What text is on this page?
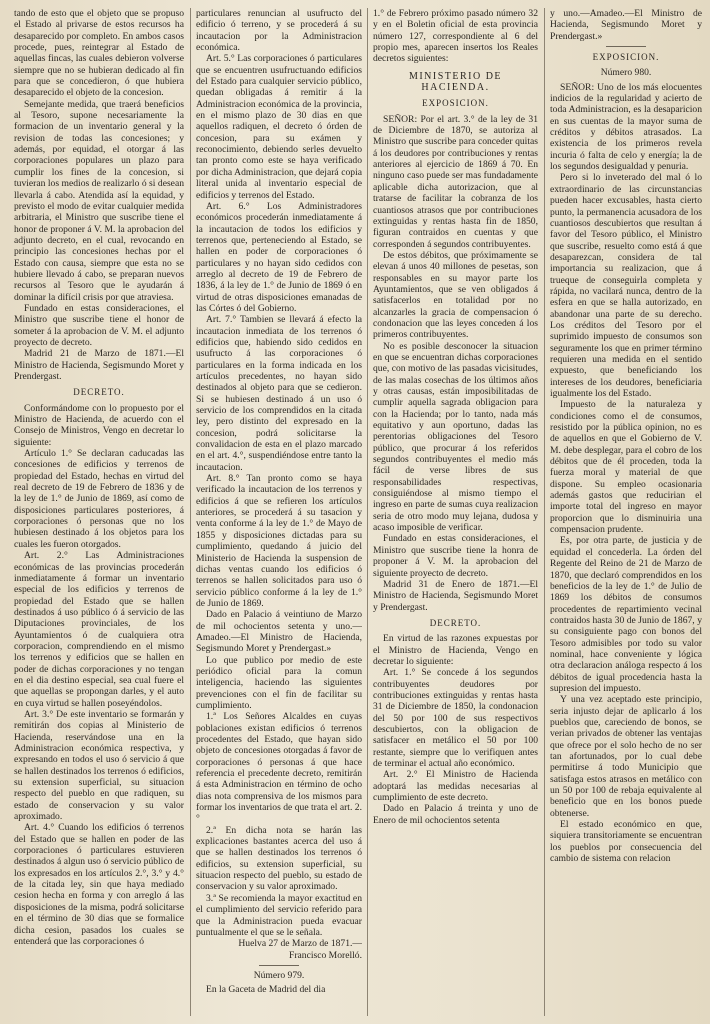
tando de esto que el objeto que se propuso el Estado al privarse de estos recursos ha desaparecido por completo. En ambos casos procede, pues, reintegrar al Estado de aquellas fincas, las cuales debieron volverse siempre que no se hubieran dedicado al fin para que se concedieron, ó que hubiera desaparecido el objeto de la concesion.

Semejante medida, que traerá beneficios al Tesoro, supone necesariamente la formacion de un inventario general y la revision de todas las concesiones; y además, por equidad, el otorgar á las corporaciones populares un plazo para cumplir los fines de la concesion, si tuvieran los medios de realizarlo ó si desean llevarla á cabo. Atendida así la equidad, y previsto el modo de evitar cualquier medida arbitraria, el Ministro que suscribe tiene el honor de proponer á V. M. la aprobacion del adjunto decreto, en el cual, revocando en principio las concesiones hechas por el Estado con causa, siempre que esta no se hubiere llevado á cabo, se preparan nuevos recursos al Tesoro que le ayudarán á dominar la difícil crisis por que atraviesa.

Fundado en estas consideraciones, el Ministro que suscribe tiene el honor de someter á la aprobacion de V. M. el adjunto proyecto de decreto.

Madrid 21 de Marzo de 1871.—El Ministro de Hacienda, Segismundo Moret y Prendergast.

DECRETO.

Conformándome con lo propuesto por el Ministro de Hacienda, de acuerdo con el Consejo de Ministros, Vengo en decretar lo siguiente:

Artículo 1.° Se declaran caducadas las concesiones de edificios y terrenos de propiedad del Estado, hechas en virtud del real decreto de 19 de Febrero de 1836 y de la ley de 1.° de Junio de 1869, así como de disposiciones particulares posteriores, á corporaciones ó personas que no los hubiesen destinado á los objetos para los cuales les fueron otorgados.

Art. 2.° Las Administraciones económicas de las provincias procederán inmediatamente á formar un inventario especial de los edificios y terrenos de propiedad del Estado que se hallen destinados á uso público ó á servicio de las Diputaciones provinciales, de los Ayuntamientos ó de cualquiera otra corporacion, comprendiendo en el mismo los terrenos y edificios que se hallen en poder de dichas corporaciones y no tengan en el dia destino especial, sea cual fuere el que aquellas se propongan darles, y el auto en cuya virtud se hallen poseyéndolos.

Art. 3.° De este inventario se formarán y remitirán dos copias al Ministerio de Hacienda, reservándose una en la Administracion económica respectiva, y expresando en todos el uso ó servicio á que se hallen destinados los terrenos ó edificios, su extension superficial, su situacion respecto del pueblo en que radiquen, su estado de conservacion y su valor aproximado.

Art. 4.° Cuando los edificios ó terrenos del Estado que se hallen en poder de las corporaciones ó particulares estuvieren destinados á algun uso ó servicio público de los expresados en los artículos 2.°, 3.° y 4.° de la citada ley, sin que haya mediado cesion hecha en forma y con arreglo á las disposiciones de la misma, podrá solicitarse en el término de 30 dias que se formalice dicha cesion, pasados los cuales se entenderá que las corporaciones ó

particulares renuncian al usufructo del edificio ó terreno, y se procederá á su incautacion por la Administracion económica.

Art. 5.° Las corporaciones ó particulares que se encuentren usufructuando edificios del Estado para cualquier servicio público, quedan obligadas á remitir á la Administracion económica de la provincia, en el mismo plazo de 30 dias en que aquellos radiquen, el decreto ó órden de concesion, para su exámen y reconocimiento, debiendo serles devuelto tan pronto como este se haya verificado por dicha Administracion, que dejará copia literal unida al inventario especial de edificios y terrenos del Estado.

Art. 6.° Los Administradores económicos procederán inmediatamente á la incautacion de todos los edificios y terrenos que, perteneciendo al Estado, se hallen en poder de corporaciones ó particulares y no hayan sido cedidos con arreglo al decreto de 19 de Febrero de 1836, á la ley de 1.° de Junio de 1869 ó en virtud de otras disposiciones emanadas de las Córtes ó del Gobierno.

Art. 7.° Tambien se llevará á efecto la incautacion inmediata de los terrenos ó edificios que, habiendo sido cedidos en usufructo á las corporaciones ó particulares en la forma indicada en los artículos precedentes, no hayan sido destinados al objeto para que se cedieron. Si se hubiesen destinado á un uso ó servicio de los comprendidos en la citada ley, pero distinto del expresado en la concesion, podrá solicitarse la convalidacion de esta en el plazo marcado en el art. 4.°, suspendiéndose entre tanto la incautacion.

Art. 8.° Tan pronto como se haya verificado la incautacion de los terrenos y edificios á que se refieren los artículos anteriores, se procederá á su tasacion y venta conforme á la ley de 1.° de Mayo de 1855 y disposiciones dictadas para su cumplimiento, quedando á juicio del Ministerio de Hacienda la suspension de dichas ventas cuando los edificios ó terrenos se hallen solicitados para uso ó servicio público conforme á la ley de 1.° de Junio de 1869.

Dado en Palacio á veintiuno de Marzo de mil ochocientos setenta y uno.—Amadeo.—El Ministro de Hacienda, Segismundo Moret y Prendergast.»

Lo que publico por medio de este periódico oficial para la comun inteligencia, haciendo las siguientes prevenciones con el fin de facilitar su cumplimiento.

1.ª Los Señores Alcaldes en cuyas poblaciones existan edificios ó terrenos procedentes del Estado, que hayan sido objeto de concesiones otorgadas á favor de corporaciones ó personas á que hace referencia el precedente decreto, remitirán á esta Administracion en término de ocho dias nota comprensiva de los mismos para formar los inventarios de que trata el art. 2.°

2.ª En dicha nota se harán las explicaciones bastantes acerca del uso á que se hallen destinados los terrenos ó edificios, su extension superficial, su situacion respecto del pueblo, su estado de conservacion y su valor aproximado.

3.ª Se recomienda la mayor exactitud en el cumplimiento del servicio referido para que la Administracion pueda evacuar puntualmente el que se le señala.

Huelva 27 de Marzo de 1871.—Francisco Morelló.

Número 979.

En la Gaceta de Madrid del dia

1.° de Febrero próximo pasado número 32 y en el Boletin oficial de esta provincia número 127, correspondiente al 6 del propio mes, aparecen insertos los Reales decretos siguientes:

MINISTERIO DE HACIENDA.

EXPOSICION.

SEÑOR: Por el art. 3.° de la ley de 31 de Diciembre de 1870, se autoriza al Ministro que suscribe para conceder quitas á los deudores por contribuciones y rentas anteriores al ejercicio de 1869 á 70. En ninguno caso puede ser mas fundadamente aplicable dicha autorizacion, que al tratarse de facilitar la cobranza de los cuantiosos atrasos que por contribuciones extinguidas y rentas hasta fin de 1850, figuran contraidos en cuentas y que corresponden á segundos contribuyentes.

De estos débitos, que próximamente se elevan á unos 40 millones de pesetas, son responsables en su mayor parte los Ayuntamientos, que se ven obligados á satisfacerlos en totalidad por no alcanzarles la gracia de compensacion ó condonacion que las leyes conceden á los primeros contribuyentes.

No es posible desconocer la situacion en que se encuentran dichas corporaciones que, con motivo de las pasadas vicisitudes, de las malas cosechas de los últimos años y otras causas, están imposibilitadas de cumplir aquella sagrada obligacion para con la Hacienda; por lo tanto, nada más equitativo y aun oportuno, dadas las perentorias obligaciones del Tesoro público, que procurar á los referidos segundos contribuyentes el medio más fácil de verse libres de sus responsabilidades respectivas, consiguiéndose al mismo tiempo el ingreso en parte de sumas cuya realizacion seria de otro modo muy lejana, dudosa y acaso imposible de verificar.

Fundado en estas consideraciones, el Ministro que suscribe tiene la honra de proponer á V. M. la aprobacion del siguiente proyecto de decreto.

Madrid 31 de Enero de 1871.—El Ministro de Hacienda, Segismundo Moret y Prendergast.

DECRETO.

En virtud de las razones expuestas por el Ministro de Hacienda, Vengo en decretar lo siguiente:

Art. 1.° Se concede á los segundos contribuyentes deudores por contribuciones extinguidas y rentas hasta 31 de Diciembre de 1850, la condonacion del 50 por 100 de sus respectivos descubiertos, con la obligacion de satisfacer en metálico el 50 por 100 restante, siempre que lo verifiquen antes de terminar el actual año económico.

Art. 2.° El Ministro de Hacienda adoptará las medidas necesarias al cumplimiento de este decreto.

Dado en Palacio á treinta y uno de Enero de mil ochocientos setenta

y uno.—Amadeo.—El Ministro de Hacienda, Segismundo Moret y Prendergast.»

EXPOSICION.

Número 980.

SEÑOR: Uno de los más elocuentes indicios de la regularidad y acierto de toda Administracion, es la desaparicion en sus cuentas de la mayor suma de créditos y débitos atrasados. La existencia de los primeros revela incuria ó falta de celo y energía; la de los segundos desigualdad y penuria.

Pero si lo inveterado del mal ó lo extraordinario de las circunstancias pueden hacer excusables, hasta cierto punto, la permanencia acusadora de los cuantiosos descubiertos que resultan á favor del Tesoro público, el Ministro que suscribe, resuelto como está á que desaparezcan, considera de tal importancia su realizacion, que á trueque de conseguirla completa y rápida, no vacilará nunca, dentro de la esfera en que se halla autorizado, en abandonar una parte de su derecho. Los créditos del Tesoro por el suprimido impuesto de consumos son seguramente los que en primer término requieren una medida en el sentido expuesto, que beneficiando los intereses de los deudores, beneficiaria igualmente los del Estado.

Impuesto de la naturaleza y condiciones como el de consumos, resistido por la pública opinion, no es de aquellos en que el Gobierno de V. M. debe desplegar, para el cobro de los débitos que de él proceden, toda la fuerza moral y material de que dispone. Su empleo ocasionaria además gastos que reducirian el importe total del ingreso en mayor proporcion que lo disminuiria una compensacion prudente.

Es, por otra parte, de justicia y de equidad el concederla. La órden del Regente del Reino de 21 de Marzo de 1870, que declaró comprendidos en los beneficios de la ley de 1.° de Julio de 1869 los débitos de consumos procedentes de repartimiento vecinal contraidos hasta 30 de Junio de 1867, y su consiguiente pago con bonos del Tesoro admisibles por todo su valor nominal, hace conveniente y lógica otra declaracion análoga respecto á los débitos de igual procedencia hasta la supresion del impuesto.

Y una vez aceptado este principio, seria injusto dejar de aplicarlo á los pueblos que, careciendo de bonos, se verian privados de obtener las ventajas que ofrece por el solo hecho de no ser tan afortunados, por lo cual debe permitirse á todo Municipio que satisfaga estos atrasos en metálico con un 50 por 100 de rebaja equivalente al beneficio que en los bonos puede obtenerse.

El estado económico en que, siquiera transitoriamente se encuentran los pueblos por consecuencia del cambio de sistema con relacion
